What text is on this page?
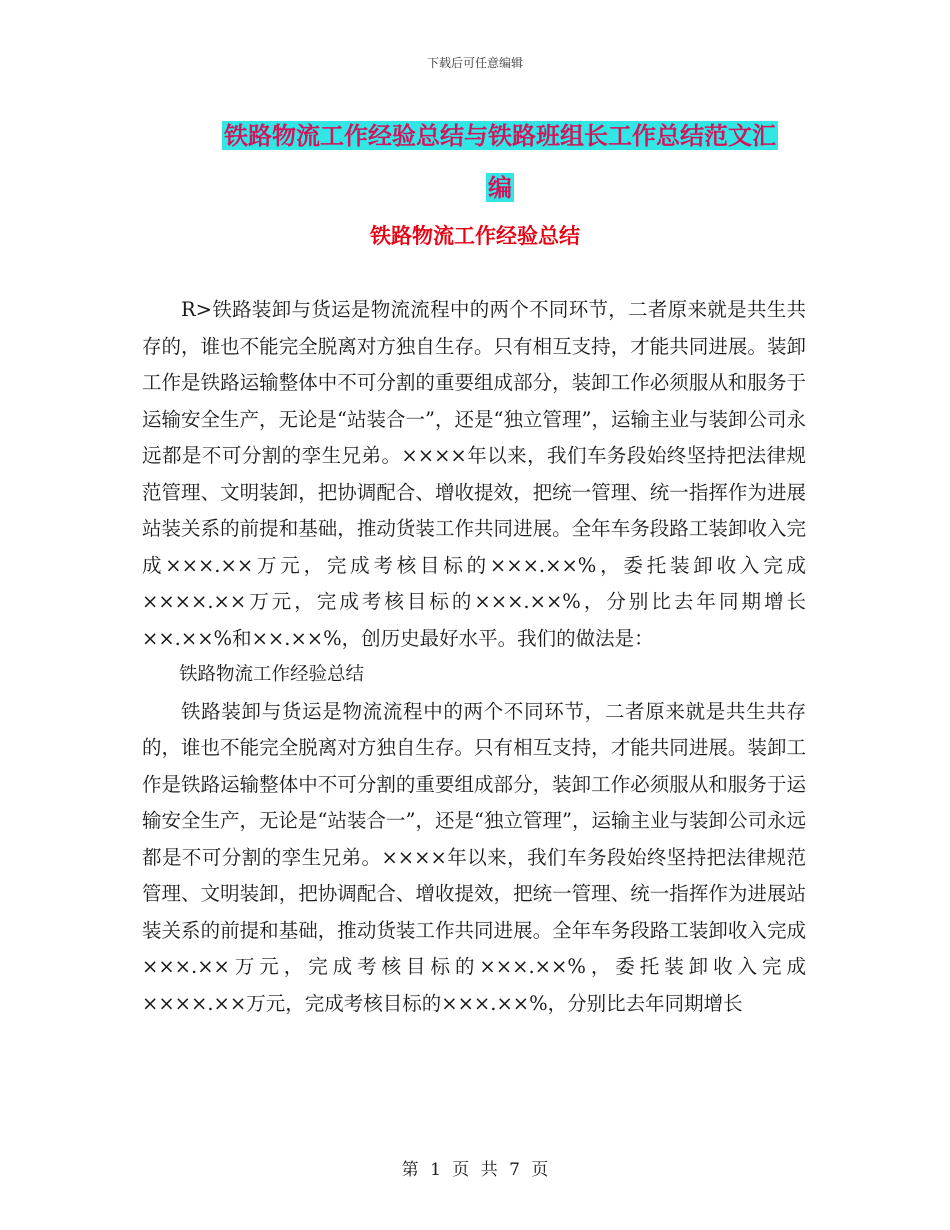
下载后可任意编辑
铁路物流工作经验总结与铁路班组长工作总结范文汇
编
铁路物流工作经验总结

R>铁路装卸与货运是物流流程中的两个不同环节，二者原来就是共生共存的，谁也不能完全脱离对方独自生存。只有相互支持，才能共同进展。装卸工作是铁路运输整体中不可分割的重要组成部分，装卸工作必须服从和服务于运输安全生产，无论是“站装合一”，还是“独立管理”，运输主业与装卸公司永远都是不可分割的孪生兄弟。××××年以来，我们车务段始终坚持把法律规范管理、文明装卸，把协调配合、增收提效，把统一管理、统一指挥作为进展站装关系的前提和基础，推动货装工作共同进展。全年车务段路工装卸收入完成×××.××万元，完成考核目标的×××.××%，委托装卸收入完成××××.××万元，完成考核目标的×××.××%，分别比去年同期增长××.××%和××.××%，创历史最好水平。我们的做法是：

铁路物流工作经验总结

铁路装卸与货运是物流流程中的两个不同环节，二者原来就是共生共存的，谁也不能完全脱离对方独自生存。只有相互支持，才能共同进展。装卸工作是铁路运输整体中不可分割的重要组成部分，装卸工作必须服从和服务于运输安全生产，无论是“站装合一”，还是“独立管理”，运输主业与装卸公司永远都是不可分割的孪生兄弟。××××年以来，我们车务段始终坚持把法律规范管理、文明装卸，把协调配合、增收提效，把统一管理、统一指挥作为进展站装关系的前提和基础，推动货装工作共同进展。全年车务段路工装卸收入完成×××.××万元，完成考核目标的×××.××%，委托装卸收入完成××××.××万元，完成考核目标的×××.××%，分别比去年同期增长

第 1 页 共 7 页
